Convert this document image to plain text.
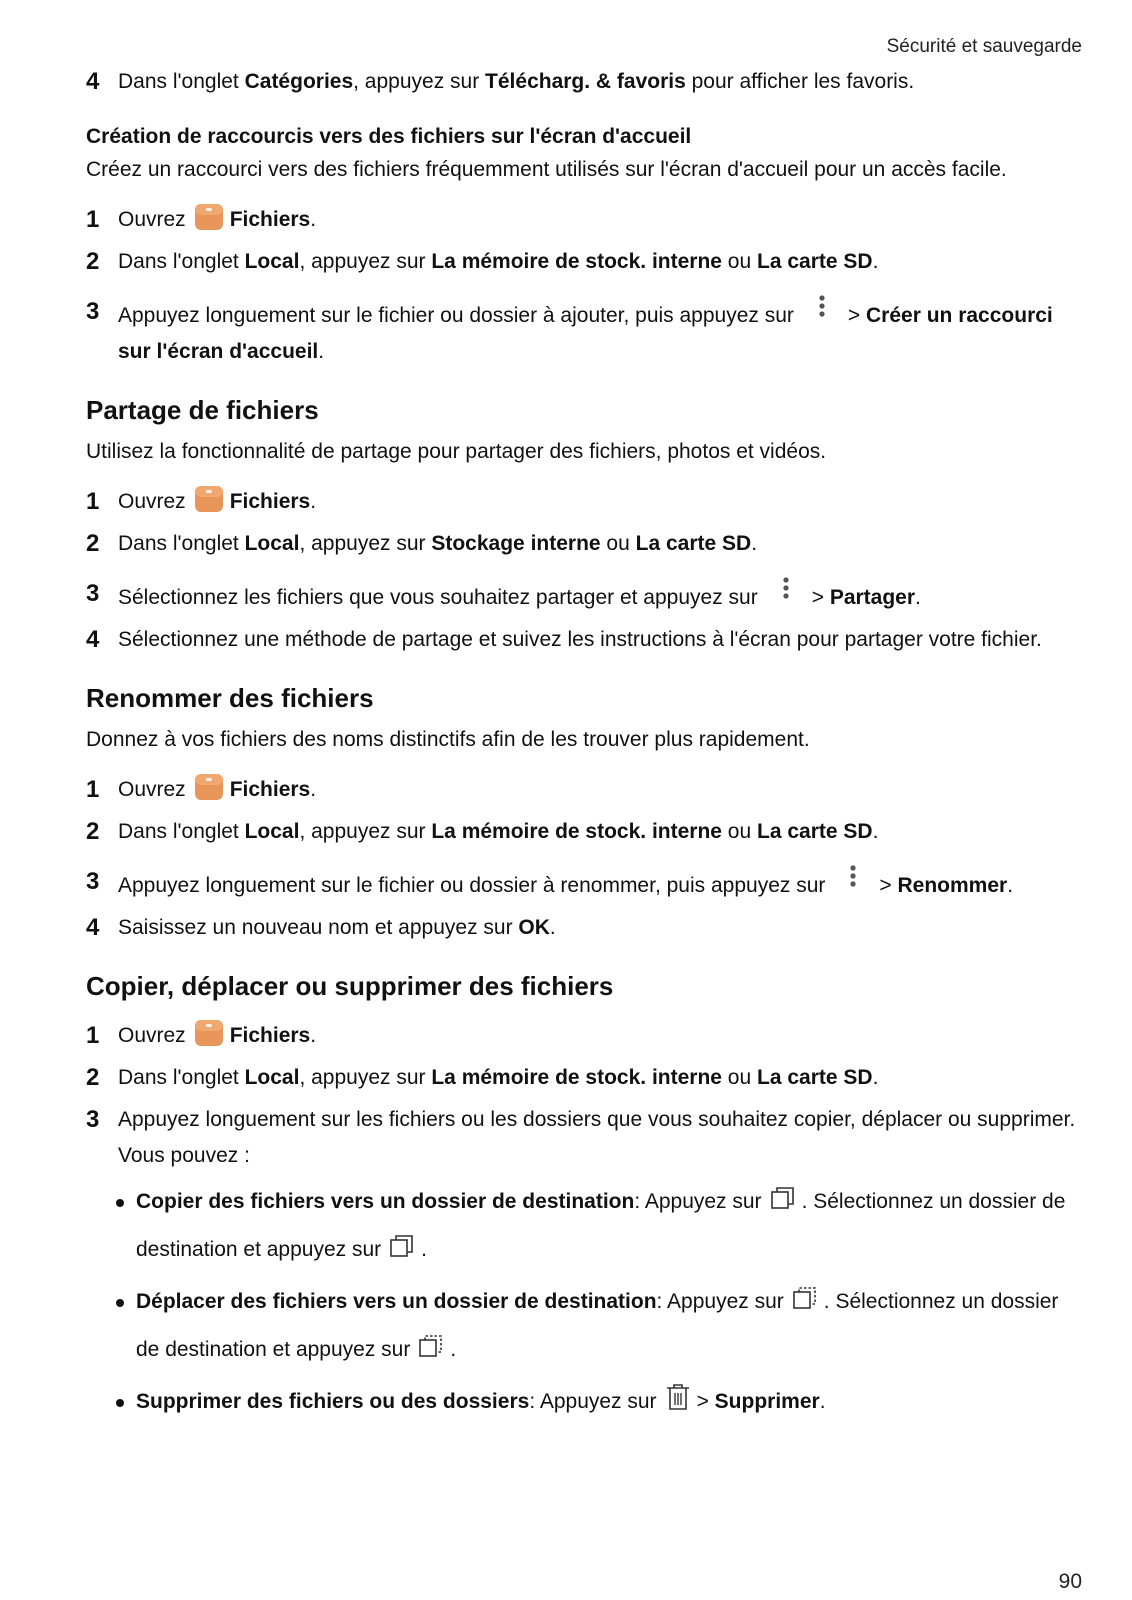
Sécurité et sauvegarde
4 Dans l'onglet Catégories, appuyez sur Télécharg. & favoris pour afficher les favoris.
Création de raccourcis vers des fichiers sur l'écran d'accueil
Créez un raccourci vers des fichiers fréquemment utilisés sur l'écran d'accueil pour un accès facile.
1 Ouvrez Fichiers.
2 Dans l'onglet Local, appuyez sur La mémoire de stock. interne ou La carte SD.
3 Appuyez longuement sur le fichier ou dossier à ajouter, puis appuyez sur	> Créer un raccourci sur l'écran d'accueil.
Partage de fichiers
Utilisez la fonctionnalité de partage pour partager des fichiers, photos et vidéos.
1 Ouvrez Fichiers.
2 Dans l'onglet Local, appuyez sur Stockage interne ou La carte SD.
3 Sélectionnez les fichiers que vous souhaitez partager et appuyez sur	> Partager.
4 Sélectionnez une méthode de partage et suivez les instructions à l'écran pour partager votre fichier.
Renommer des fichiers
Donnez à vos fichiers des noms distinctifs afin de les trouver plus rapidement.
1 Ouvrez Fichiers.
2 Dans l'onglet Local, appuyez sur La mémoire de stock. interne ou La carte SD.
3 Appuyez longuement sur le fichier ou dossier à renommer, puis appuyez sur	> Renommer.
4 Saisissez un nouveau nom et appuyez sur OK.
Copier, déplacer ou supprimer des fichiers
1 Ouvrez Fichiers.
2 Dans l'onglet Local, appuyez sur La mémoire de stock. interne ou La carte SD.
3 Appuyez longuement sur les fichiers ou les dossiers que vous souhaitez copier, déplacer ou supprimer. Vous pouvez :
Copier des fichiers vers un dossier de destination: Appuyez sur . Sélectionnez un dossier de destination et appuyez sur .
Déplacer des fichiers vers un dossier de destination: Appuyez sur . Sélectionnez un dossier de destination et appuyez sur .
Supprimer des fichiers ou des dossiers: Appuyez sur > Supprimer.
90
